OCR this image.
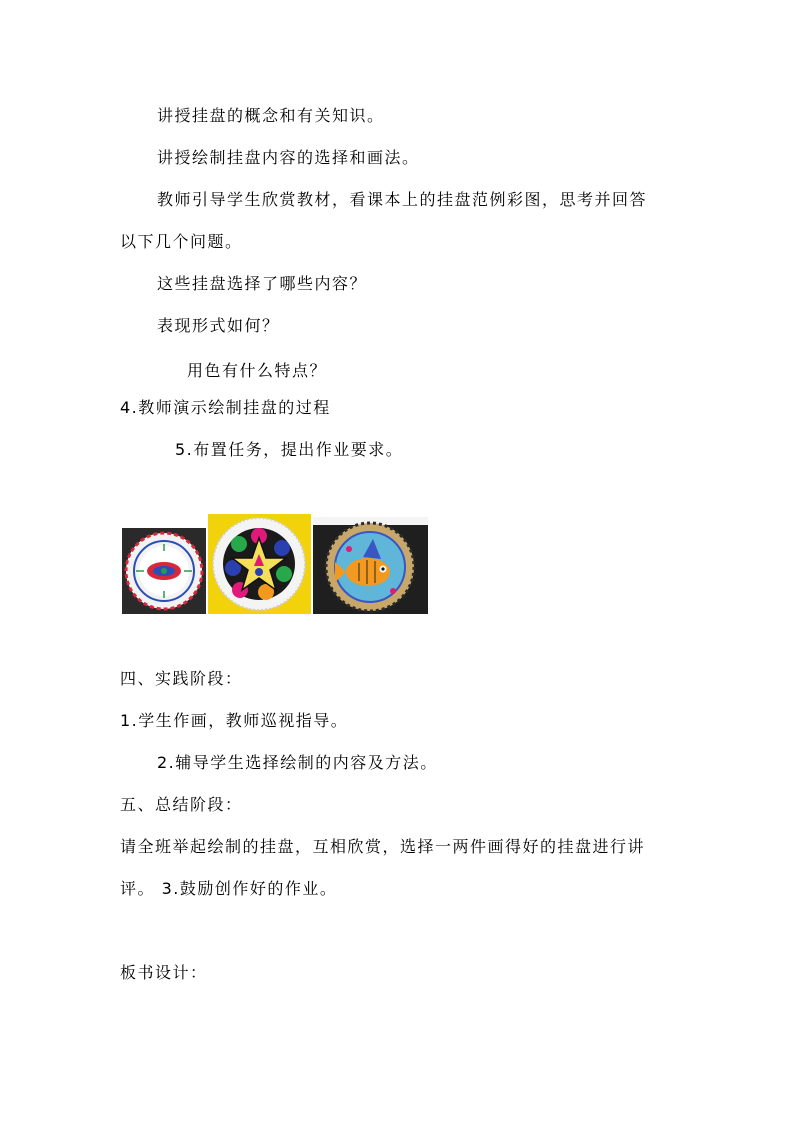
讲授挂盘的概念和有关知识。
讲授绘制挂盘内容的选择和画法。
教师引导学生欣赏教材，看课本上的挂盘范例彩图，思考并回答
以下几个问题。
这些挂盘选择了哪些内容？
表现形式如何？
用色有什么特点？
4.教师演示绘制挂盘的过程
5.布置任务，提出作业要求。
四、实践阶段：
1.学生作画，教师巡视指导。
2.辅导学生选择绘制的内容及方法。
五、总结阶段：
请全班举起绘制的挂盘，互相欣赏，选择一两件画得好的挂盘进行讲
评。 3.鼓励创作好的作业。
板书设计：
